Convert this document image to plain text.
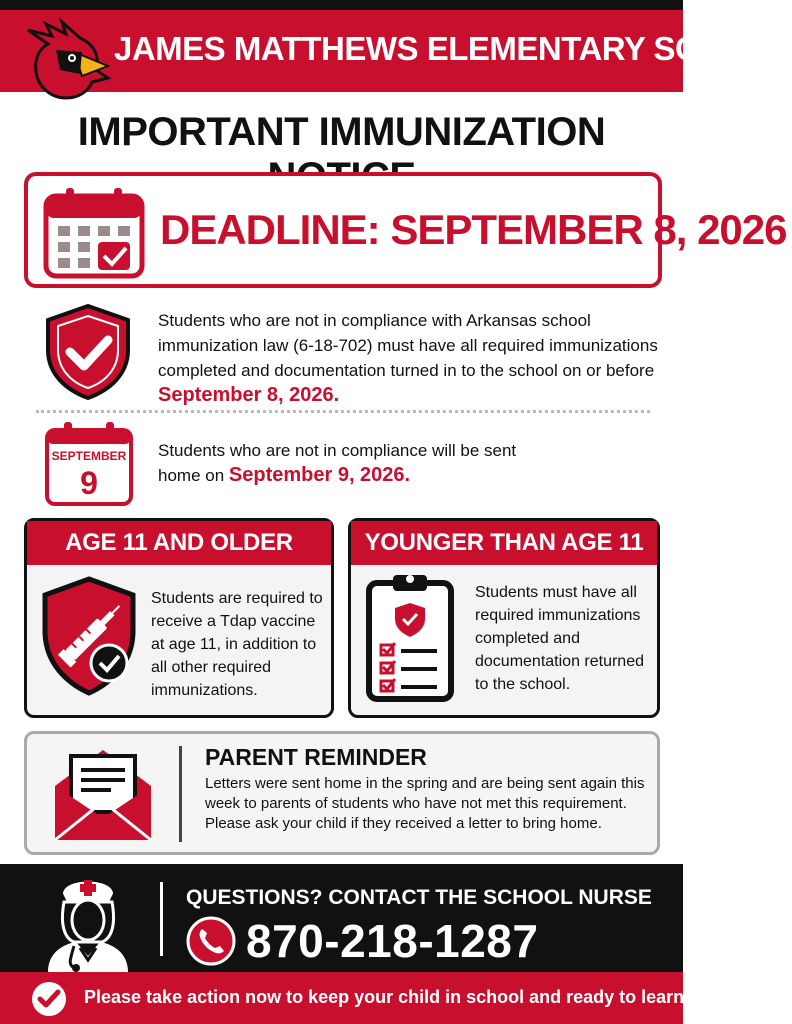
JAMES MATTHEWS ELEMENTARY SCHOOL
IMPORTANT IMMUNIZATION
DEADLINE: SEPTEMBER 8, 2026
Students who are not in compliance with Arkansas school immunization law (6-18-702) must have all required immunizations completed and documentation turned in to the school on or before September 8, 2026.
SEPTEMBER
9
Students who are not in compliance will be sent home on September 9, 2026.
AGE 11 AND OLDER
Students are required to receive a Tdap vaccine at age 11, in addition to all other required immunizations.
YOUNGER THAN AGE 11
Students must have all required immunizations completed and documentation returned to the school.
PARENT REMINDER
Letters were sent home in the spring and are being sent again this week to parents of students who have not met this requirement. Please ask your child if they received a letter to bring home.
QUESTIONS? CONTACT THE SCHOOL NURSE
870-218-1287
Please take action now to keep your child in school and ready to learn.
